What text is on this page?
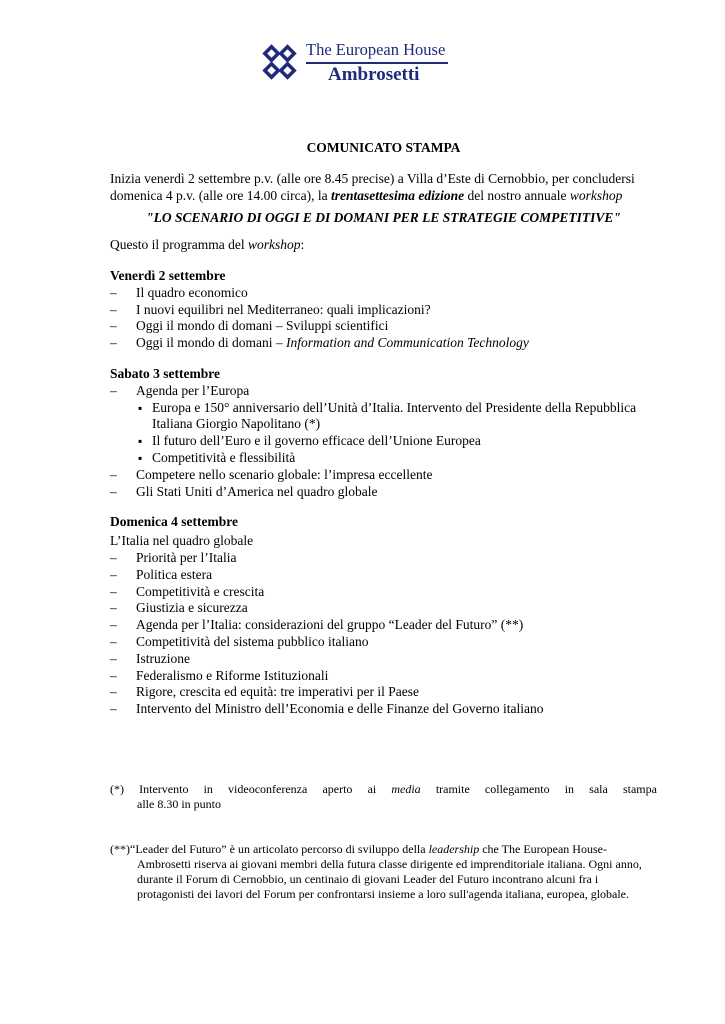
The European House
Ambrosetti
COMUNICATO STAMPA

Inizia venerdì 2 settembre p.v. (alle ore 8.45 precise) a Villa d’Este di Cernobbio, per concludersi domenica 4 p.v. (alle ore 14.00 circa), la trentasettesima edizione del nostro annuale workshop

"LO SCENARIO DI OGGI E DI DOMANI PER LE STRATEGIE COMPETITIVE"

Questo il programma del workshop:

Venerdì 2 settembre
– Il quadro economico
– I nuovi equilibri nel Mediterraneo: quali implicazioni?
– Oggi il mondo di domani – Sviluppi scientifici
– Oggi il mondo di domani – Information and Communication Technology
Sabato 3 settembre
– Agenda per l’Europa
▪ Europa e 150° anniversario dell’Unità d’Italia. Intervento del Presidente della Repubblica Italiana Giorgio Napolitano (*)
▪ Il futuro dell’Euro e il governo efficace dell’Unione Europea
▪ Competitività e flessibilità
– Competere nello scenario globale: l’impresa eccellente
– Gli Stati Uniti d’America nel quadro globale
Domenica 4 settembre
L’Italia nel quadro globale
– Priorità per l’Italia
– Politica estera
– Competitività e crescita
– Giustizia e sicurezza
– Agenda per l’Italia: considerazioni del gruppo “Leader del Futuro” (**)
– Competitività del sistema pubblico italiano
– Istruzione
– Federalismo e Riforme Istituzionali
– Rigore, crescita ed equità: tre imperativi per il Paese
– Intervento del Ministro dell’Economia e delle Finanze del Governo italiano
(*) Intervento in videoconferenza aperto ai media tramite collegamento in sala stampa
alle 8.30 in punto
(**)“Leader del Futuro” è un articolato percorso di sviluppo della leadership che The European House-
Ambrosetti riserva ai giovani membri della futura classe dirigente ed imprenditoriale italiana. Ogni anno, durante il Forum di Cernobbio, un centinaio di giovani Leader del Futuro incontrano alcuni fra i protagonisti dei lavori del Forum per confrontarsi insieme a loro sull'agenda italiana, europea, globale.
